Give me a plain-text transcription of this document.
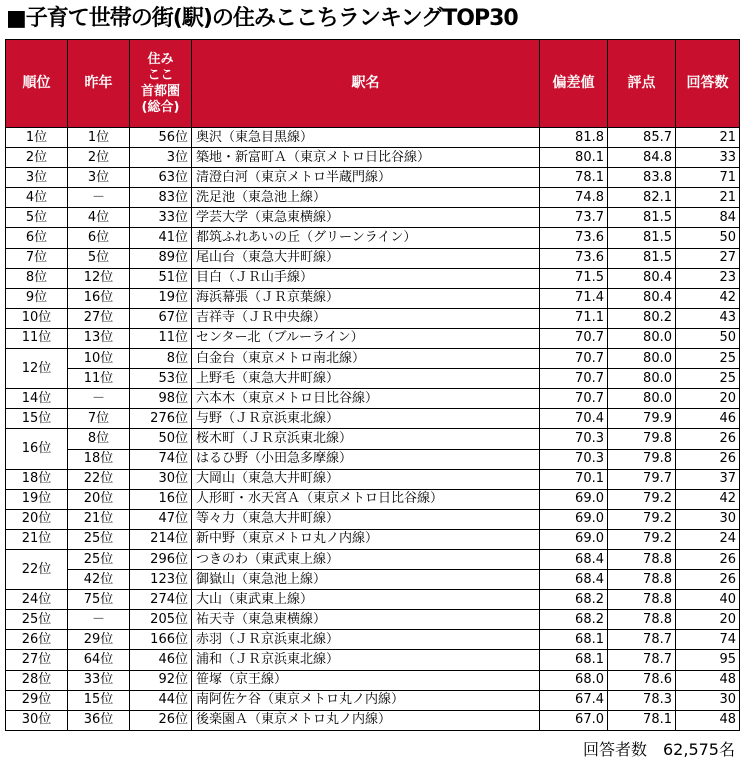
■子育て世帯の街(駅)の住みここちランキングTOP30
順位	昨年	住み
ここ
首都圏
(総合)	駅名	偏差値	評点	回答数
1位	1位	56位	奥沢（東急目黒線）	81.8	85.7	21
2位	2位	3位	築地・新富町Ａ（東京メトロ日比谷線）	80.1	84.8	33
3位	3位	63位	清澄白河（東京メトロ半蔵門線）	78.1	83.8	71
4位	－	83位	洗足池（東急池上線）	74.8	82.1	21
5位	4位	33位	学芸大学（東急東横線）	73.7	81.5	84
6位	6位	41位	都筑ふれあいの丘（グリーンライン）	73.6	81.5	50
7位	5位	89位	尾山台（東急大井町線）	73.6	81.5	27
8位	12位	51位	目白（ＪＲ山手線）	71.5	80.4	23
9位	16位	19位	海浜幕張（ＪＲ京葉線）	71.4	80.4	42
10位	27位	67位	吉祥寺（ＪＲ中央線）	71.1	80.2	43
11位	13位	11位	センター北（ブルーライン）	70.7	80.0	50
12位	10位	8位	白金台（東京メトロ南北線）	70.7	80.0	25
	11位	53位	上野毛（東急大井町線）	70.7	80.0	25
14位	－	98位	六本木（東京メトロ日比谷線）	70.7	80.0	20
15位	7位	276位	与野（ＪＲ京浜東北線）	70.4	79.9	46
16位	8位	50位	桜木町（ＪＲ京浜東北線）	70.3	79.8	26
	18位	74位	はるひ野（小田急多摩線）	70.3	79.8	26
18位	22位	30位	大岡山（東急大井町線）	70.1	79.7	37
19位	20位	16位	人形町・水天宮Ａ（東京メトロ日比谷線）	69.0	79.2	42
20位	21位	47位	等々力（東急大井町線）	69.0	79.2	30
21位	25位	214位	新中野（東京メトロ丸ノ内線）	69.0	79.2	24
22位	25位	296位	つきのわ（東武東上線）	68.4	78.8	26
	42位	123位	御嶽山（東急池上線）	68.4	78.8	26
24位	75位	274位	大山（東武東上線）	68.2	78.8	40
25位	－	205位	祐天寺（東急東横線）	68.2	78.8	20
26位	29位	166位	赤羽（ＪＲ京浜東北線）	68.1	78.7	74
27位	64位	46位	浦和（ＪＲ京浜東北線）	68.1	78.7	95
28位	33位	92位	笹塚（京王線）	68.0	78.6	48
29位	15位	44位	南阿佐ケ谷（東京メトロ丸ノ内線）	67.4	78.3	30
30位	36位	26位	後楽園Ａ（東京メトロ丸ノ内線）	67.0	78.1	48
回答者数　62,575名
